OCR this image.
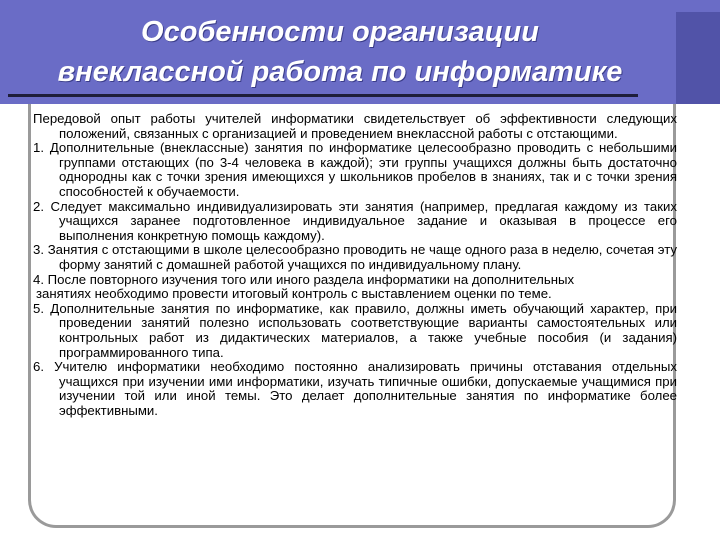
Особенности организации
внеклассной работа по информатике

Передовой опыт работы учителей информатики свидетельствует об эффективности следующих положений, связанных с организацией и проведением внеклассной работы с отстающими.

1. Дополнительные (внеклассные) занятия по информатике целесообразно проводить с небольшими группами отстающих (по 3-4 человека в каждой); эти группы учащихся должны быть достаточно однородны как с точки зрения имеющихся у школьников пробелов в знаниях, так и с точки зрения способностей к обучаемости.

2. Следует максимально индивидуализировать эти занятия (например, предлагая каждому из таких учащихся заранее подготовленное индивидуальное задание и оказывая в процессе его выполнения конкретную помощь каждому).

3. Занятия с отстающими в школе целесообразно проводить не чаще одного раза в неделю, сочетая эту форму занятий с домашней работой учащихся по индивидуальному плану.

4. После повторного изучения того или иного раздела информатики на дополнительных

занятиях необходимо провести итоговый контроль с выставлением оценки по теме.

5. Дополнительные занятия по информатике, как правило, должны иметь обучающий характер, при проведении занятий полезно использовать соответствующие варианты самостоятельных или контрольных работ из дидактических материалов, а также учебные пособия (и задания) программированного типа.

6. Учителю информатики необходимо постоянно анализировать причины отставания отдельных учащихся при изучении ими информатики, изучать типичные ошибки, допускаемые учащимися при изучении той или иной темы. Это делает дополнительные занятия по информатике более эффективными.
